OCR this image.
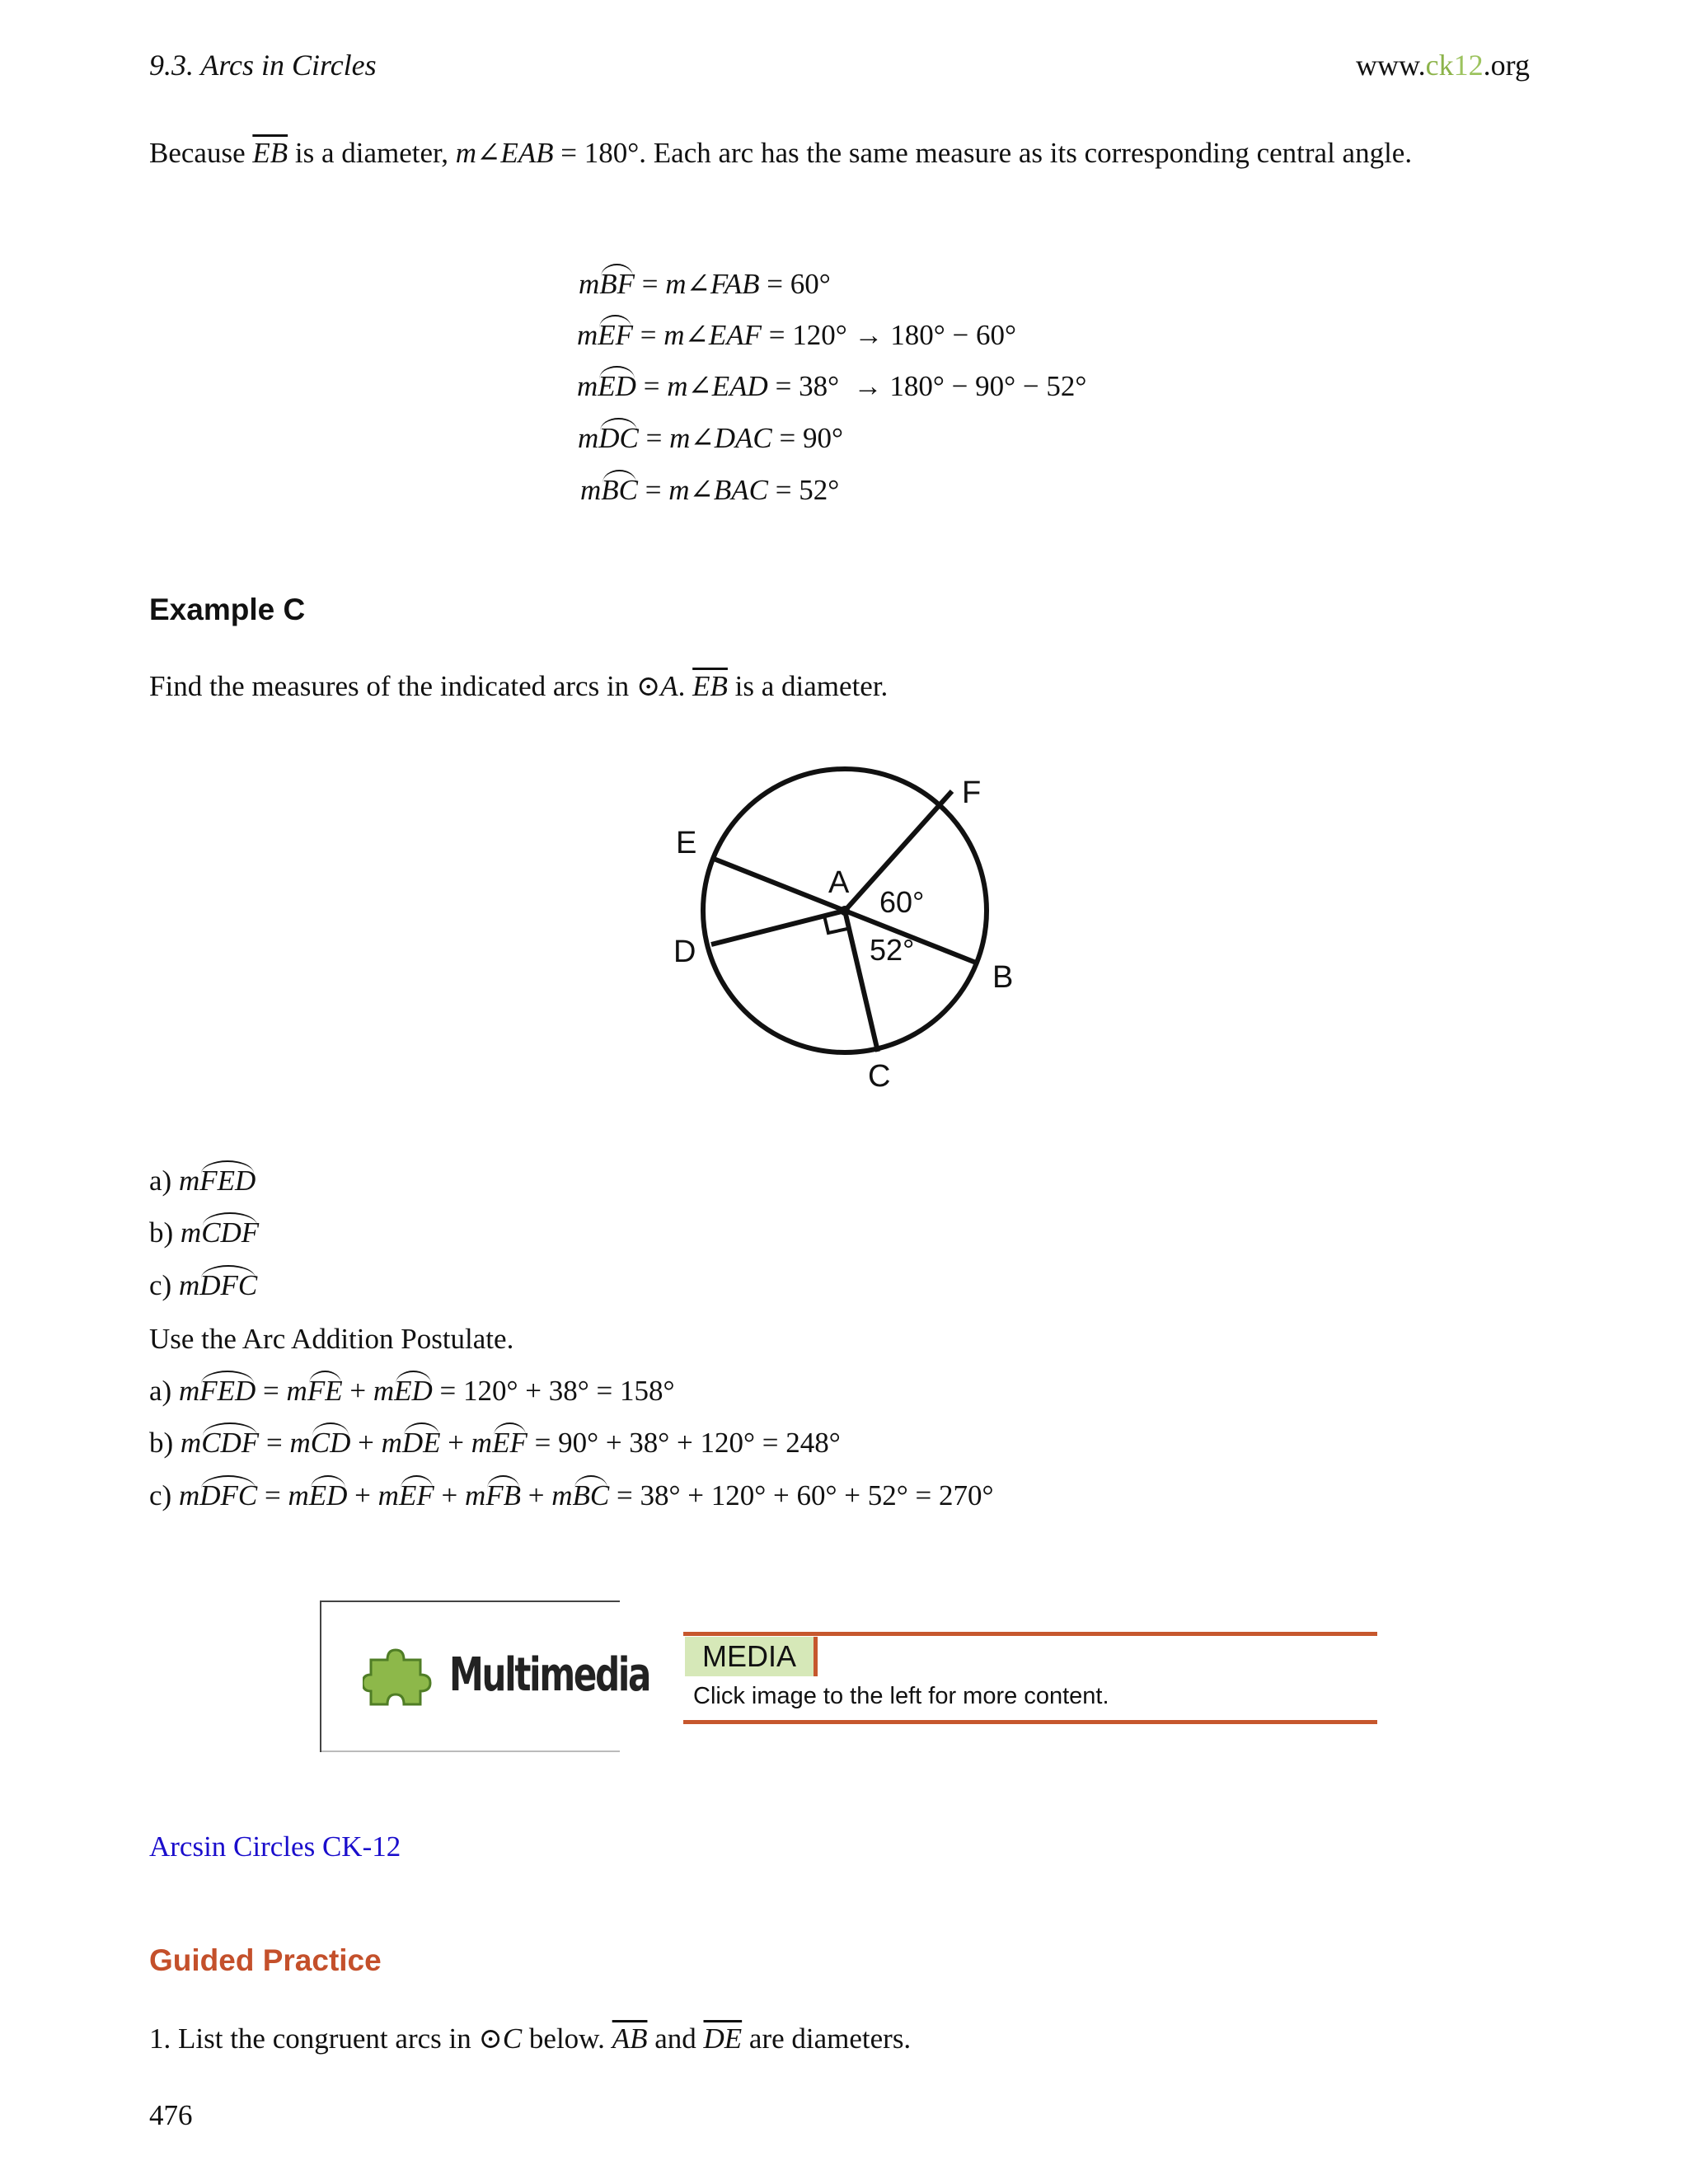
9.3. Arcs in Circles	www.ck12.org
Because $\overline{EB}$ is a diameter, m∠EAB = 180°. Each arc has the same measure as its corresponding central angle.
mBF = m∠FAB = 60°
mEF = m∠EAF = 120° → 180° − 60°
mED = m∠EAD = 38° → 180° − 90° − 52°
mDC = m∠DAC = 90°
mBC = m∠BAC = 52°
Example C
Find the measures of the indicated arcs in ⊙A. $\overline{EB}$ is a diameter.
E
F
A
D
B
C
60°
52°
a) mFED
b) mCDF
c) mDFC
Use the Arc Addition Postulate.
a) mFED = mFE + mED = 120° + 38° = 158°
b) mCDF = mCD + mDE + mEF = 90° + 38° + 120° = 248°
c) mDFC = mED + mEF + mFB + mBC = 38° + 120° + 60° + 52° = 270°
Multimedia	MEDIA
Click image to the left for more content.
Arcsin Circles CK-12
Guided Practice
1. List the congruent arcs in ⊙C below. $\overline{AB}$ and $\overline{DE}$ are diameters.
476
